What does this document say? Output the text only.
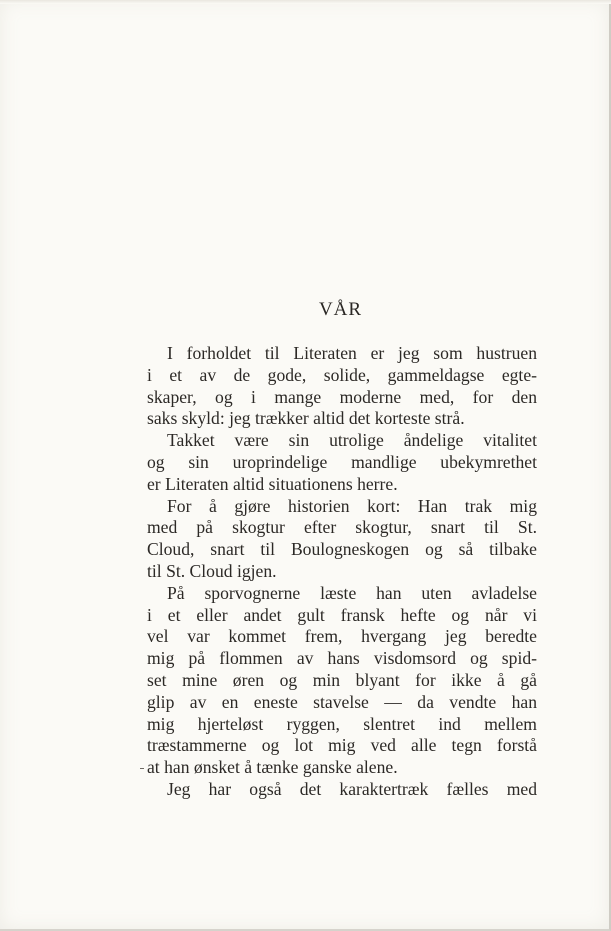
VÅR
I forholdet til Literaten er jeg som hustruen
i et av de gode, solide, gammeldagse egte-
skaper, og i mange moderne med, for den
saks skyld: jeg trækker altid det korteste strå.
Takket være sin utrolige åndelige vitalitet
og sin uroprindelige mandlige ubekymrethet
er Literaten altid situationens herre.
For å gjøre historien kort: Han trak mig
med på skogtur efter skogtur, snart til St.
Cloud, snart til Boulogneskogen og så tilbake
til St. Cloud igjen.
På sporvognerne læste han uten avladelse
i et eller andet gult fransk hefte og når vi
vel var kommet frem, hvergang jeg beredte
mig på flommen av hans visdomsord og spid-
set mine øren og min blyant for ikke å gå
glip av en eneste stavelse — da vendte han
mig hjerteløst ryggen, slentret ind mellem
træstammerne og lot mig ved alle tegn forstå
at han ønsket å tænke ganske alene.
Jeg har også det karaktertræk fælles med
